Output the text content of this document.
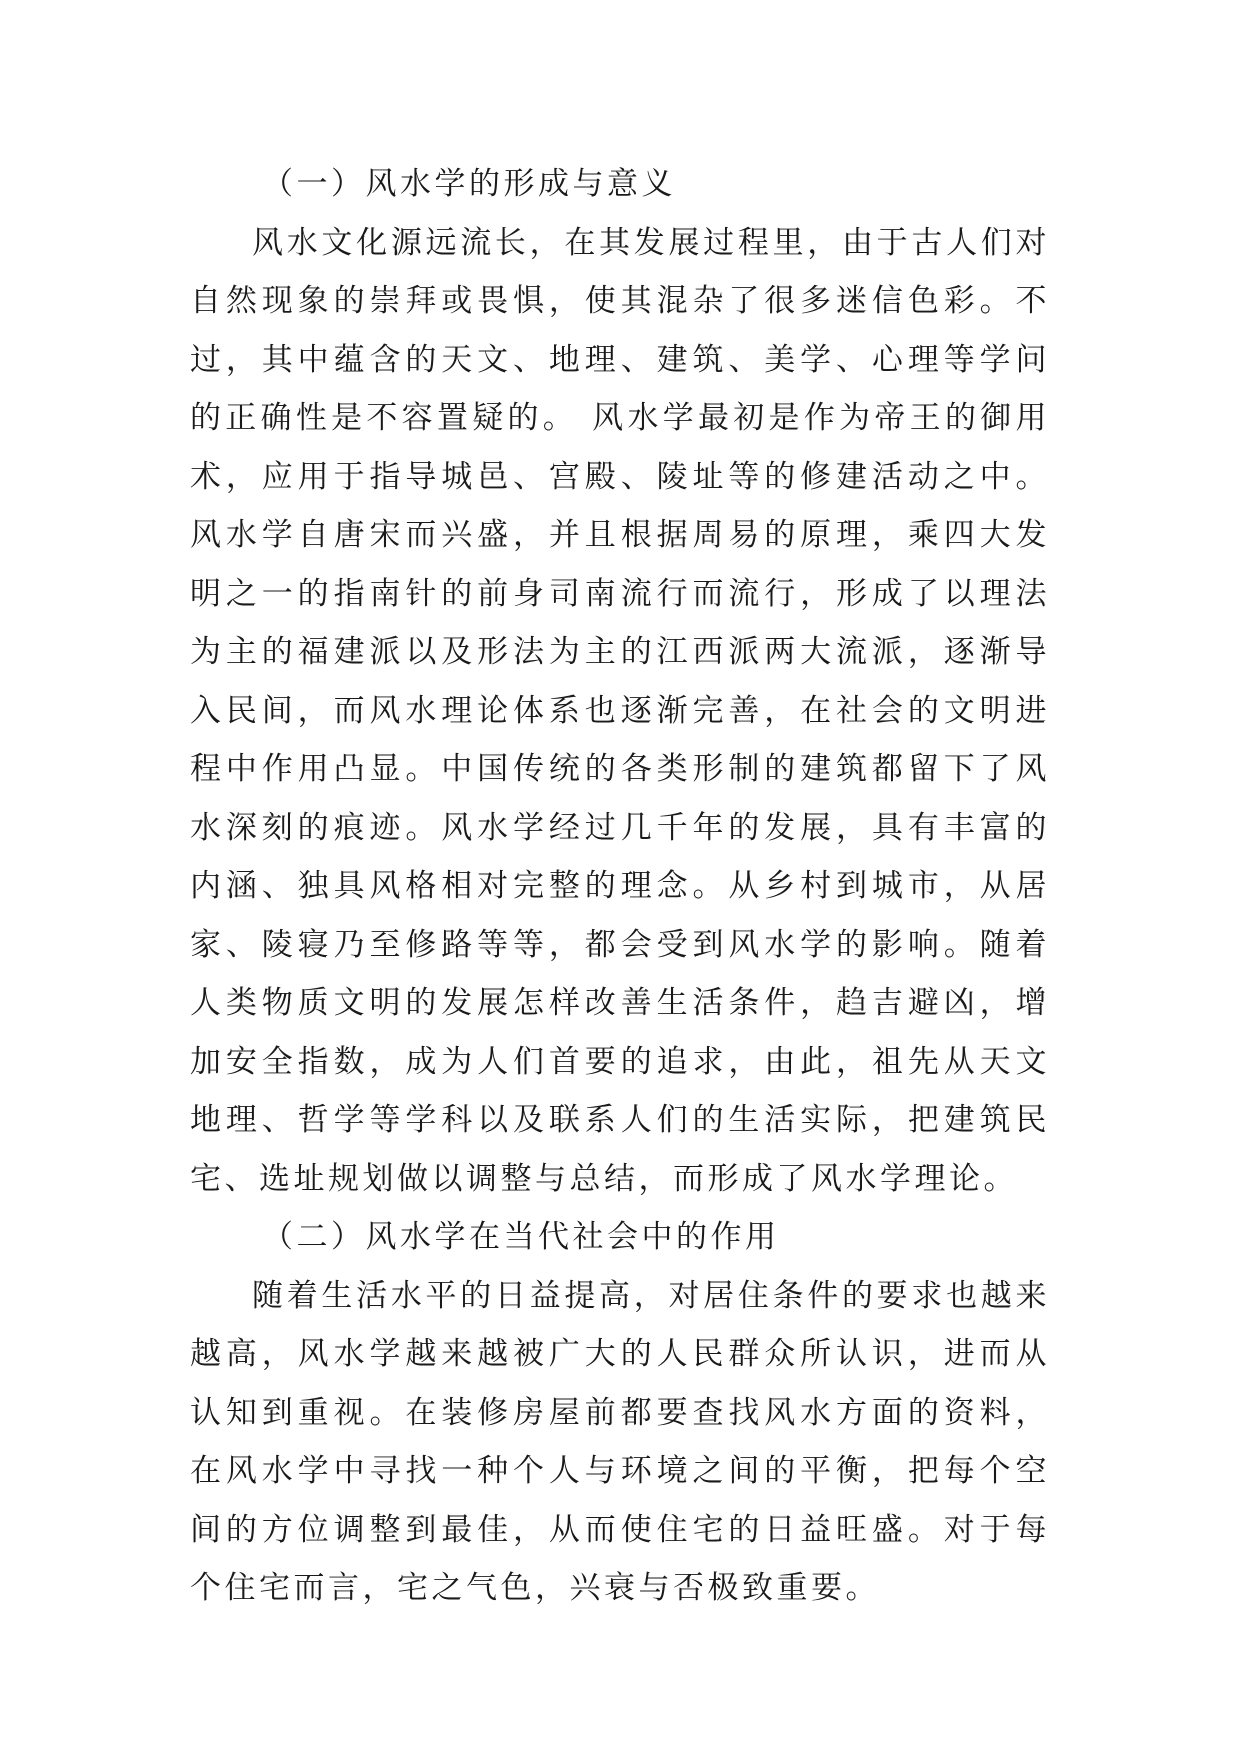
（一）风水学的形成与意义

风水文化源远流长，在其发展过程里，由于古人们对自然现象的崇拜或畏惧，使其混杂了很多迷信色彩。不过，其中蕴含的天文、地理、建筑、美学、心理等学问的正确性是不容置疑的。 风水学最初是作为帝王的御用术，应用于指导城邑、宫殿、陵址等的修建活动之中。风水学自唐宋而兴盛，并且根据周易的原理，乘四大发明之一的指南针的前身司南流行而流行，形成了以理法为主的福建派以及形法为主的江西派两大流派，逐渐导入民间，而风水理论体系也逐渐完善，在社会的文明进程中作用凸显。中国传统的各类形制的建筑都留下了风水深刻的痕迹。风水学经过几千年的发展，具有丰富的内涵、独具风格相对完整的理念。从乡村到城市，从居家、陵寝乃至修路等等，都会受到风水学的影响。随着人类物质文明的发展怎样改善生活条件，趋吉避凶，增加安全指数，成为人们首要的追求，由此，祖先从天文地理、哲学等学科以及联系人们的生活实际，把建筑民宅、选址规划做以调整与总结，而形成了风水学理论。

（二）风水学在当代社会中的作用

随着生活水平的日益提高，对居住条件的要求也越来越高，风水学越来越被广大的人民群众所认识，进而从认知到重视。在装修房屋前都要查找风水方面的资料，在风水学中寻找一种个人与环境之间的平衡，把每个空间的方位调整到最佳，从而使住宅的日益旺盛。对于每个住宅而言，宅之气色，兴衰与否极致重要。
